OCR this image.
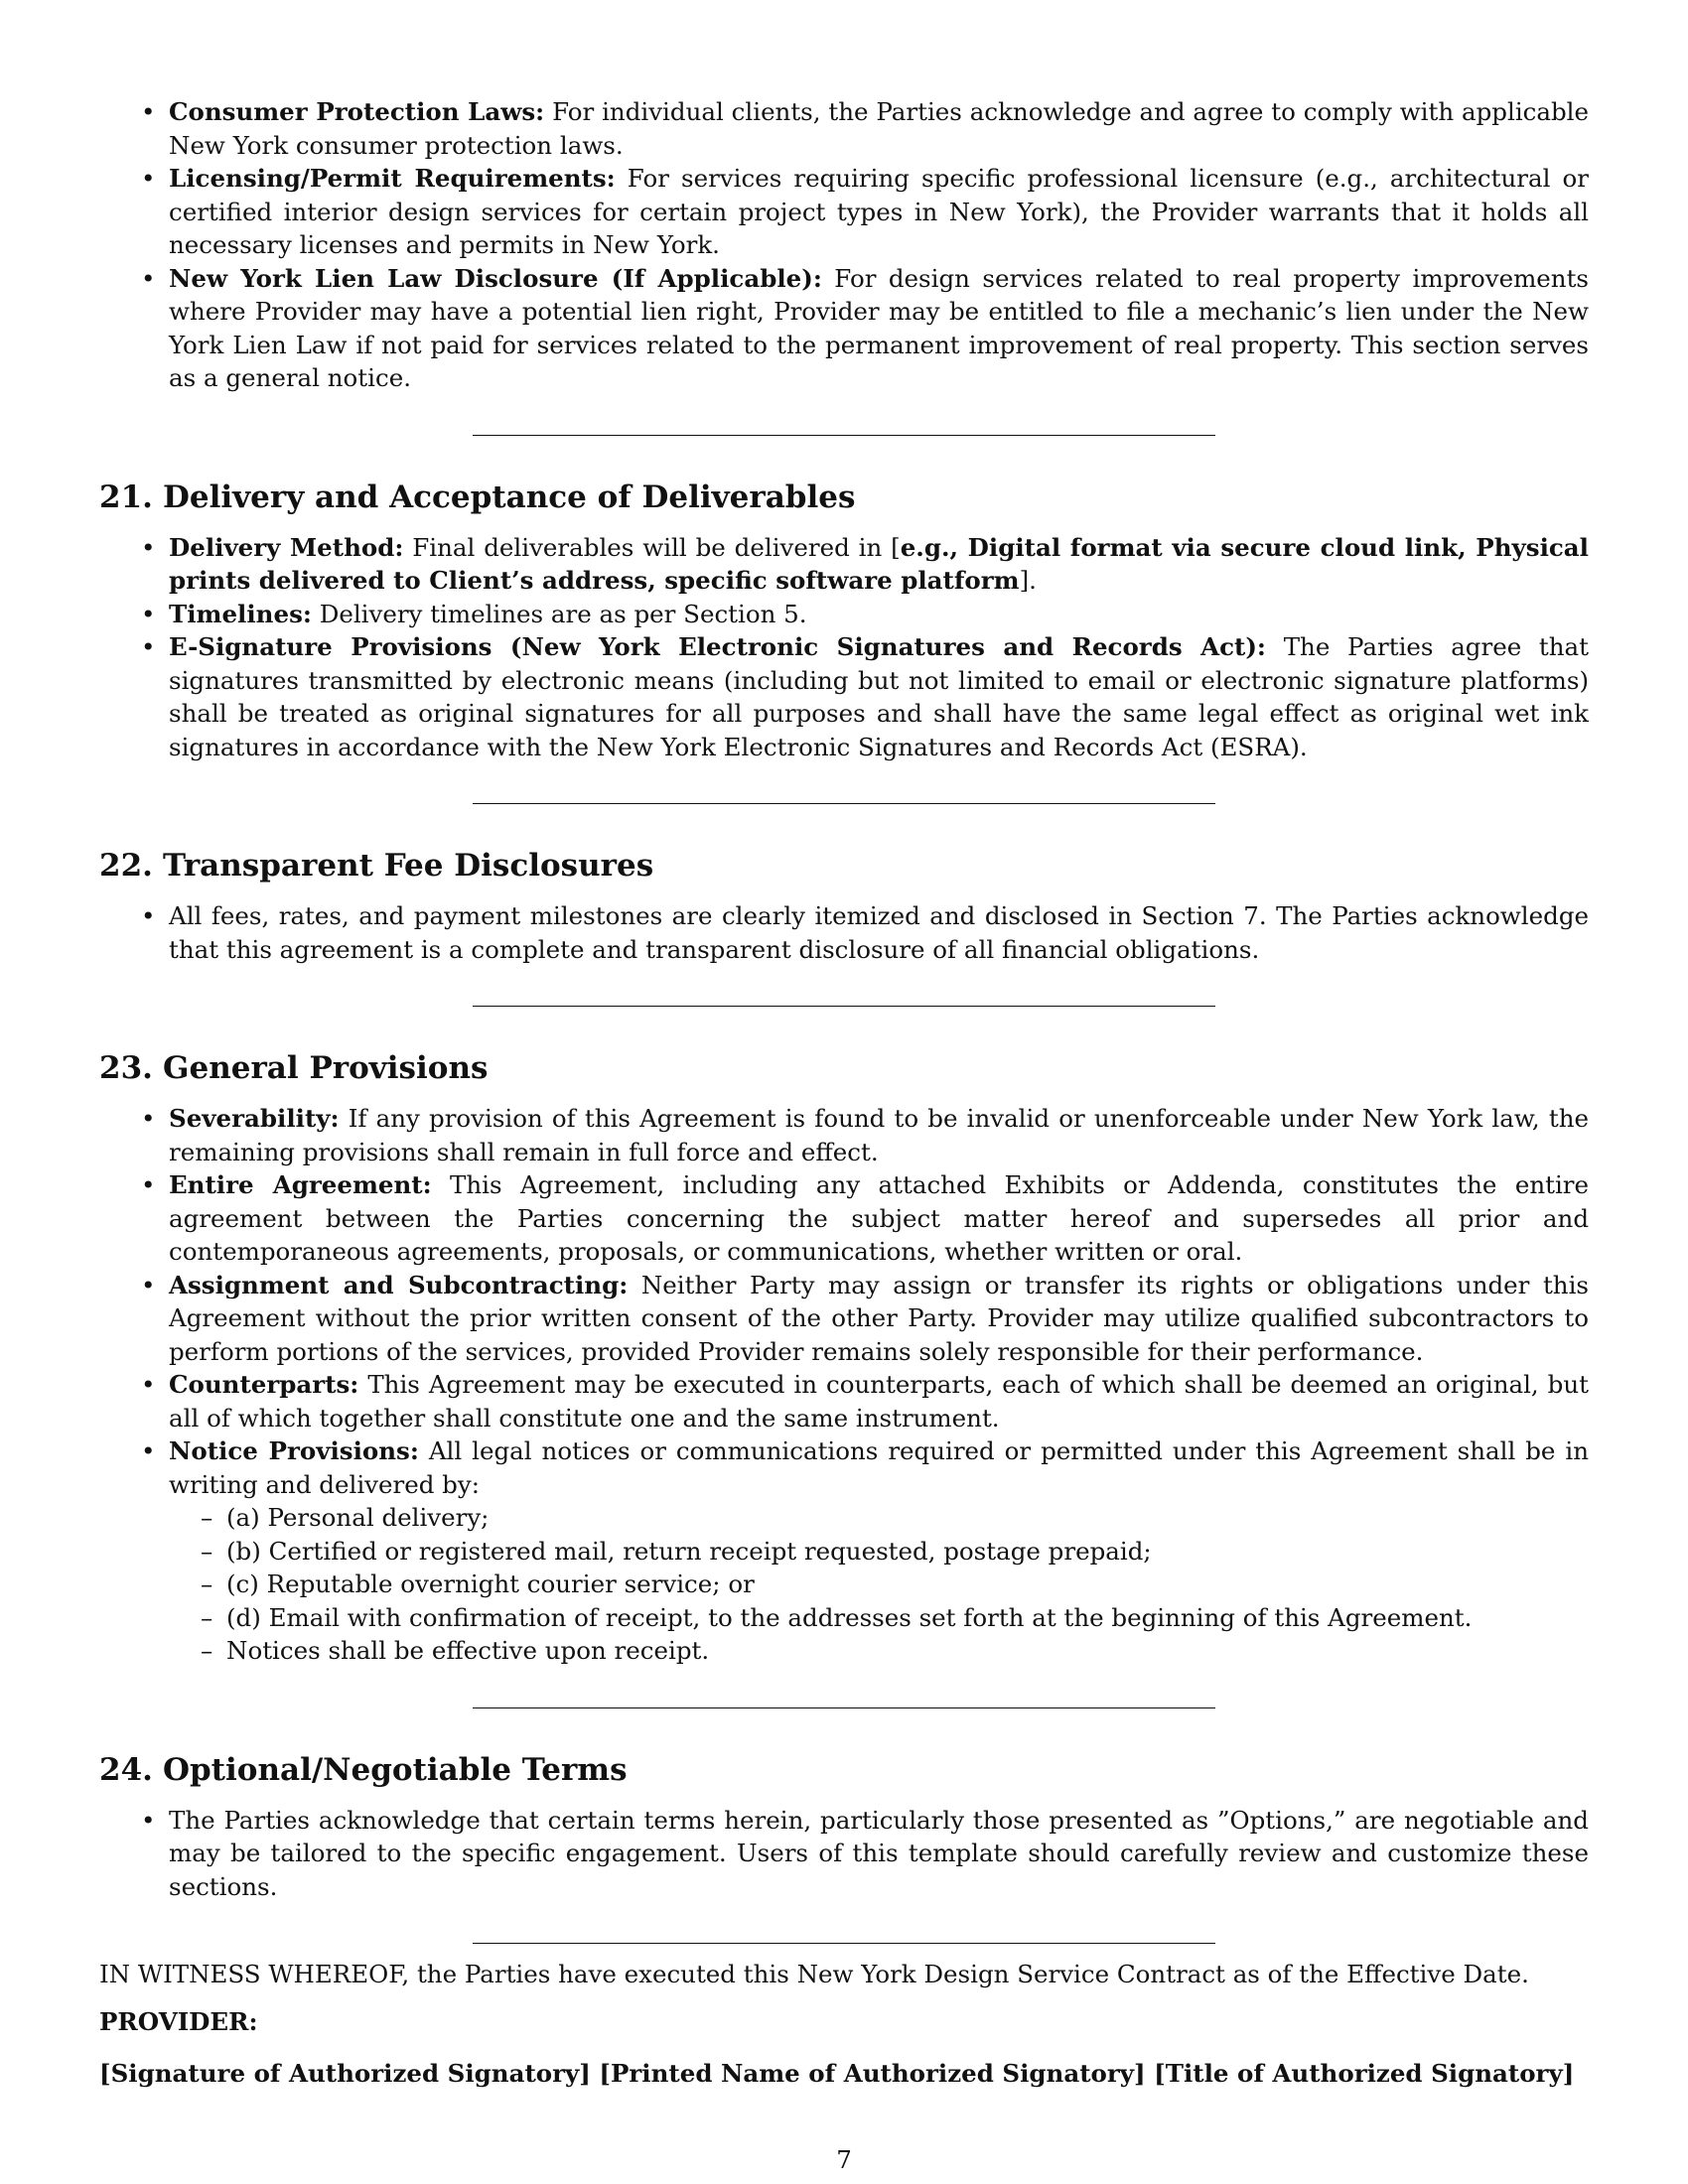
• Consumer Protection Laws: For individual clients, the Parties acknowledge and agree to comply with applicable New York consumer protection laws.
• Licensing/Permit Requirements: For services requiring specific professional licensure (e.g., architectural or certified interior design services for certain project types in New York), the Provider warrants that it holds all necessary licenses and permits in New York.
• New York Lien Law Disclosure (If Applicable): For design services related to real property improvements where Provider may have a potential lien right, Provider may be entitled to file a mechanic’s lien under the New York Lien Law if not paid for services related to the permanent improvement of real property. This section serves as a general notice.
21. Delivery and Acceptance of Deliverables
• Delivery Method: Final deliverables will be delivered in [e.g., Digital format via secure cloud link, Physical prints delivered to Client’s address, specific software platform].
• Timelines: Delivery timelines are as per Section 5.
• E-Signature Provisions (New York Electronic Signatures and Records Act): The Parties agree that signatures transmitted by electronic means (including but not limited to email or electronic signature platforms) shall be treated as original signatures for all purposes and shall have the same legal effect as original wet ink signatures in accordance with the New York Electronic Signatures and Records Act (ESRA).
22. Transparent Fee Disclosures
• All fees, rates, and payment milestones are clearly itemized and disclosed in Section 7. The Parties acknowledge that this agreement is a complete and transparent disclosure of all financial obligations.
23. General Provisions
• Severability: If any provision of this Agreement is found to be invalid or unenforceable under New York law, the remaining provisions shall remain in full force and effect.
• Entire Agreement: This Agreement, including any attached Exhibits or Addenda, constitutes the entire agreement between the Parties concerning the subject matter hereof and supersedes all prior and contemporaneous agreements, proposals, or communications, whether written or oral.
• Assignment and Subcontracting: Neither Party may assign or transfer its rights or obligations under this Agreement without the prior written consent of the other Party. Provider may utilize qualified subcontractors to perform portions of the services, provided Provider remains solely responsible for their performance.
• Counterparts: This Agreement may be executed in counterparts, each of which shall be deemed an original, but all of which together shall constitute one and the same instrument.
• Notice Provisions: All legal notices or communications required or permitted under this Agreement shall be in writing and delivered by:
– (a) Personal delivery;
– (b) Certified or registered mail, return receipt requested, postage prepaid;
– (c) Reputable overnight courier service; or
– (d) Email with confirmation of receipt, to the addresses set forth at the beginning of this Agreement.
– Notices shall be effective upon receipt.
24. Optional/Negotiable Terms
• The Parties acknowledge that certain terms herein, particularly those presented as ”Options,” are negotiable and may be tailored to the specific engagement. Users of this template should carefully review and customize these sections.

IN WITNESS WHEREOF, the Parties have executed this New York Design Service Contract as of the Effective Date.

PROVIDER:

[Signature of Authorized Signatory] [Printed Name of Authorized Signatory] [Title of Authorized Signatory]

7
